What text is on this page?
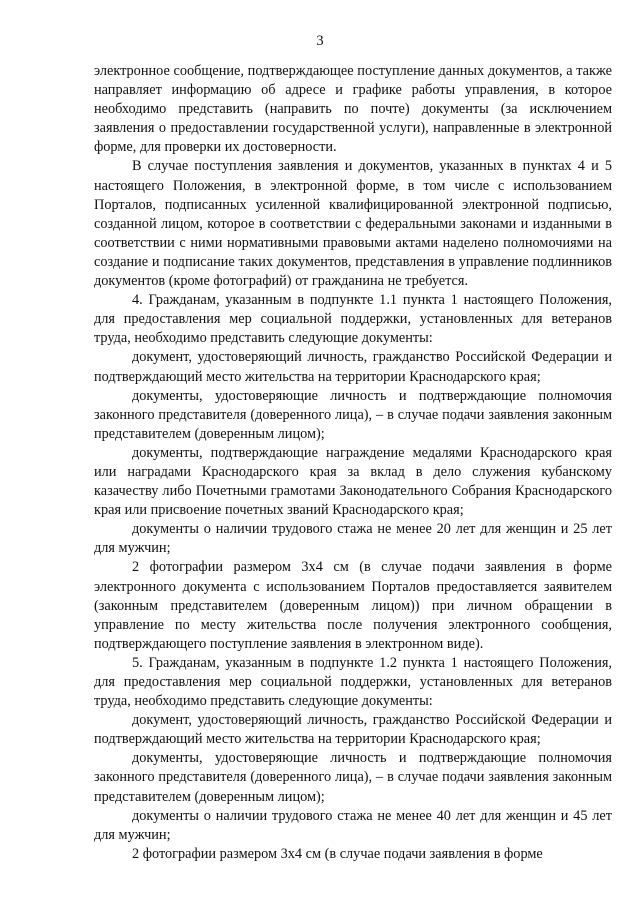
3

электронное сообщение, подтверждающее поступление данных документов, а также направляет информацию об адресе и графике работы управления, в которое необходимо представить (направить по почте) документы (за исключением заявления о предоставлении государственной услуги), направленные в электронной форме, для проверки их достоверности.

В случае поступления заявления и документов, указанных в пунктах 4 и 5 настоящего Положения, в электронной форме, в том числе с использованием Порталов, подписанных усиленной квалифицированной электронной подписью, созданной лицом, которое в соответствии с федеральными законами и изданными в соответствии с ними нормативными правовыми актами наделено полномочиями на создание и подписание таких документов, представления в управление подлинников документов (кроме фотографий) от гражданина не требуется.

4. Гражданам, указанным в подпункте 1.1 пункта 1 настоящего Положения, для предоставления мер социальной поддержки, установленных для ветеранов труда, необходимо представить следующие документы:

документ, удостоверяющий личность, гражданство Российской Федерации и подтверждающий место жительства на территории Краснодарского края;

документы, удостоверяющие личность и подтверждающие полномочия законного представителя (доверенного лица), – в случае подачи заявления законным представителем (доверенным лицом);

документы, подтверждающие награждение медалями Краснодарского края или наградами Краснодарского края за вклад в дело служения кубанскому казачеству либо Почетными грамотами Законодательного Собрания Краснодарского края или присвоение почетных званий Краснодарского края;

документы о наличии трудового стажа не менее 20 лет для женщин и 25 лет для мужчин;

2 фотографии размером 3x4 см (в случае подачи заявления в форме электронного документа с использованием Порталов предоставляется заявителем (законным представителем (доверенным лицом)) при личном обращении в управление по месту жительства после получения электронного сообщения, подтверждающего поступление заявления в электронном виде).

5. Гражданам, указанным в подпункте 1.2 пункта 1 настоящего Положения, для предоставления мер социальной поддержки, установленных для ветеранов труда, необходимо представить следующие документы:

документ, удостоверяющий личность, гражданство Российской Федерации и подтверждающий место жительства на территории Краснодарского края;

документы, удостоверяющие личность и подтверждающие полномочия законного представителя (доверенного лица), – в случае подачи заявления законным представителем (доверенным лицом);

документы о наличии трудового стажа не менее 40 лет для женщин и 45 лет для мужчин;

2 фотографии размером 3x4 см (в случае подачи заявления в форме
